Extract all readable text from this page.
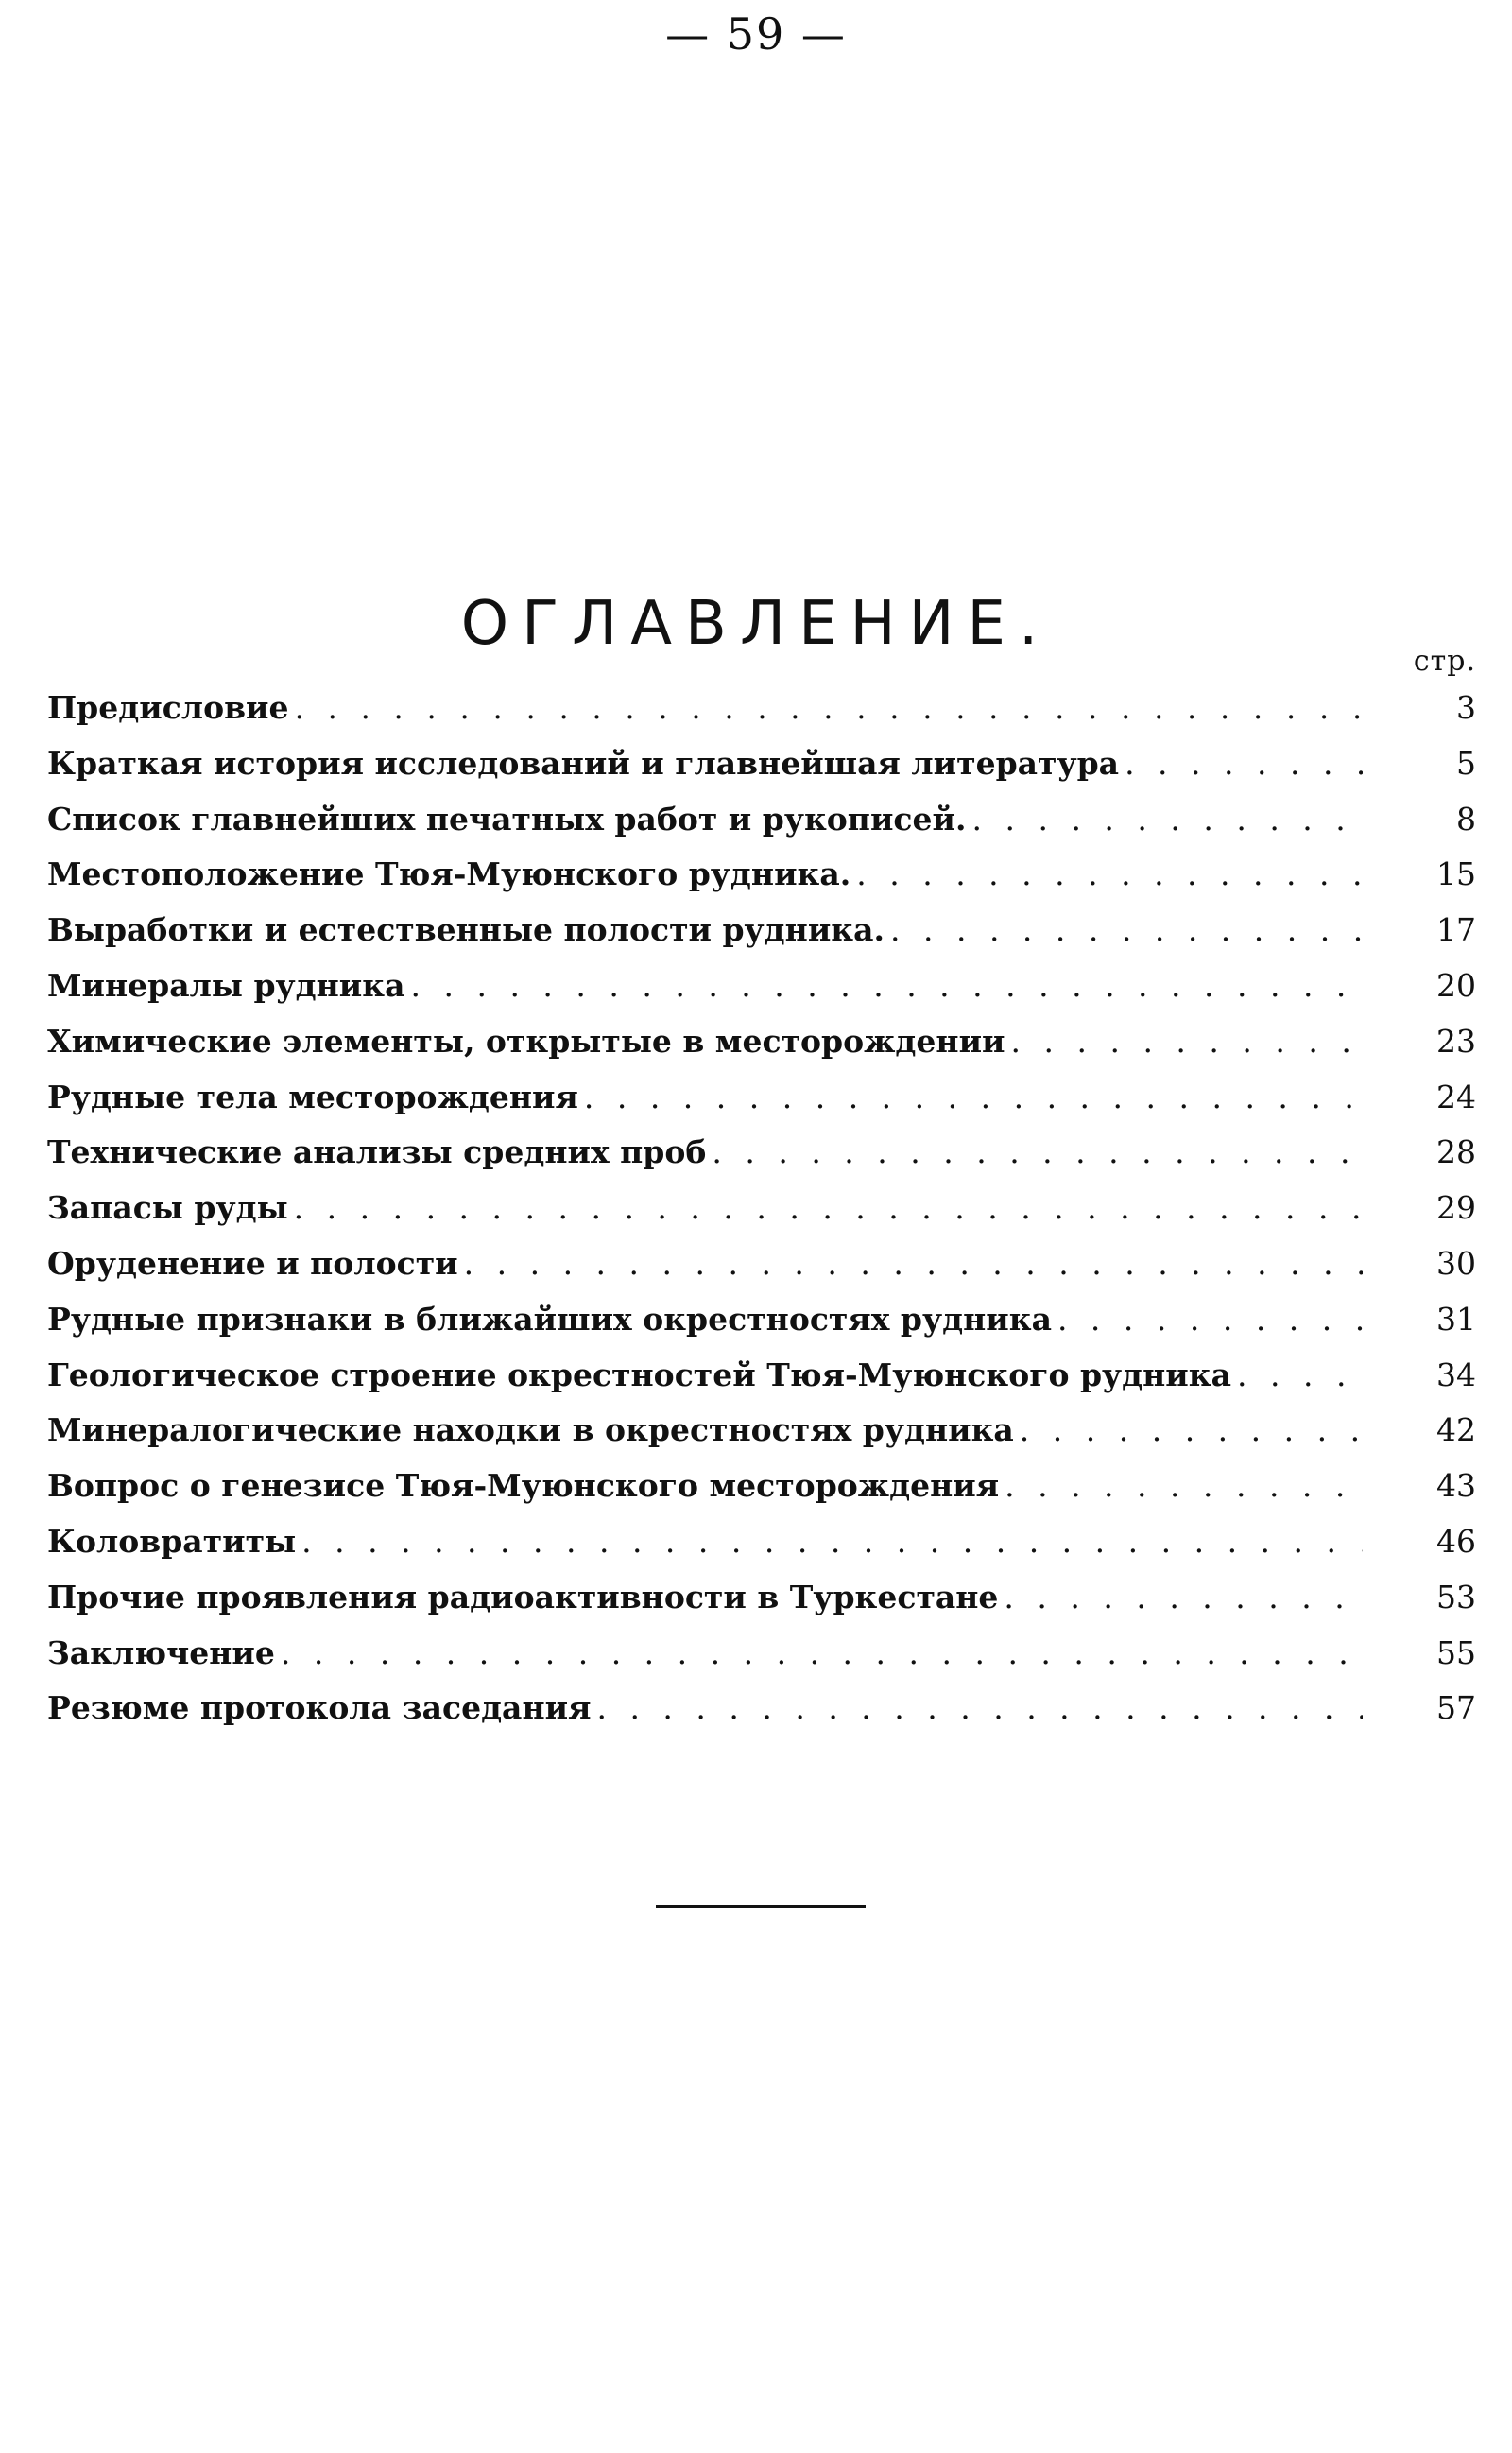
— 59 —
ОГЛАВЛЕНИЕ.
стр.
Предисловие . . .	3
Краткая история исследований и главнейшая литература . . .	5
Список главнейших печатных работ и рукописей. . . .	8
Местоположение Тюя-Муюнского рудника. . . .	15
Выработки и естественные полости рудника. . . .	17
Минералы рудника . . .	20
Химические элементы, открытые в месторождении . . .	23
Рудные тела месторождения . . .	24
Технические анализы средних проб . . .	28
Запасы руды . . .	29
Оруденение и полости . . .	30
Рудные признаки в ближайших окрестностях рудника . . .	31
Геологическое строение окрестностей Тюя-Муюнского рудника . . .	34
Минералогические находки в окрестностях рудника . . .	42
Вопрос о генезисе Тюя-Муюнского месторождения . . .	43
Коловратиты . . .	46
Прочие проявления радиоактивности в Туркестане . . .	53
Заключение . . .	55
Резюме протокола заседания . . .	57
